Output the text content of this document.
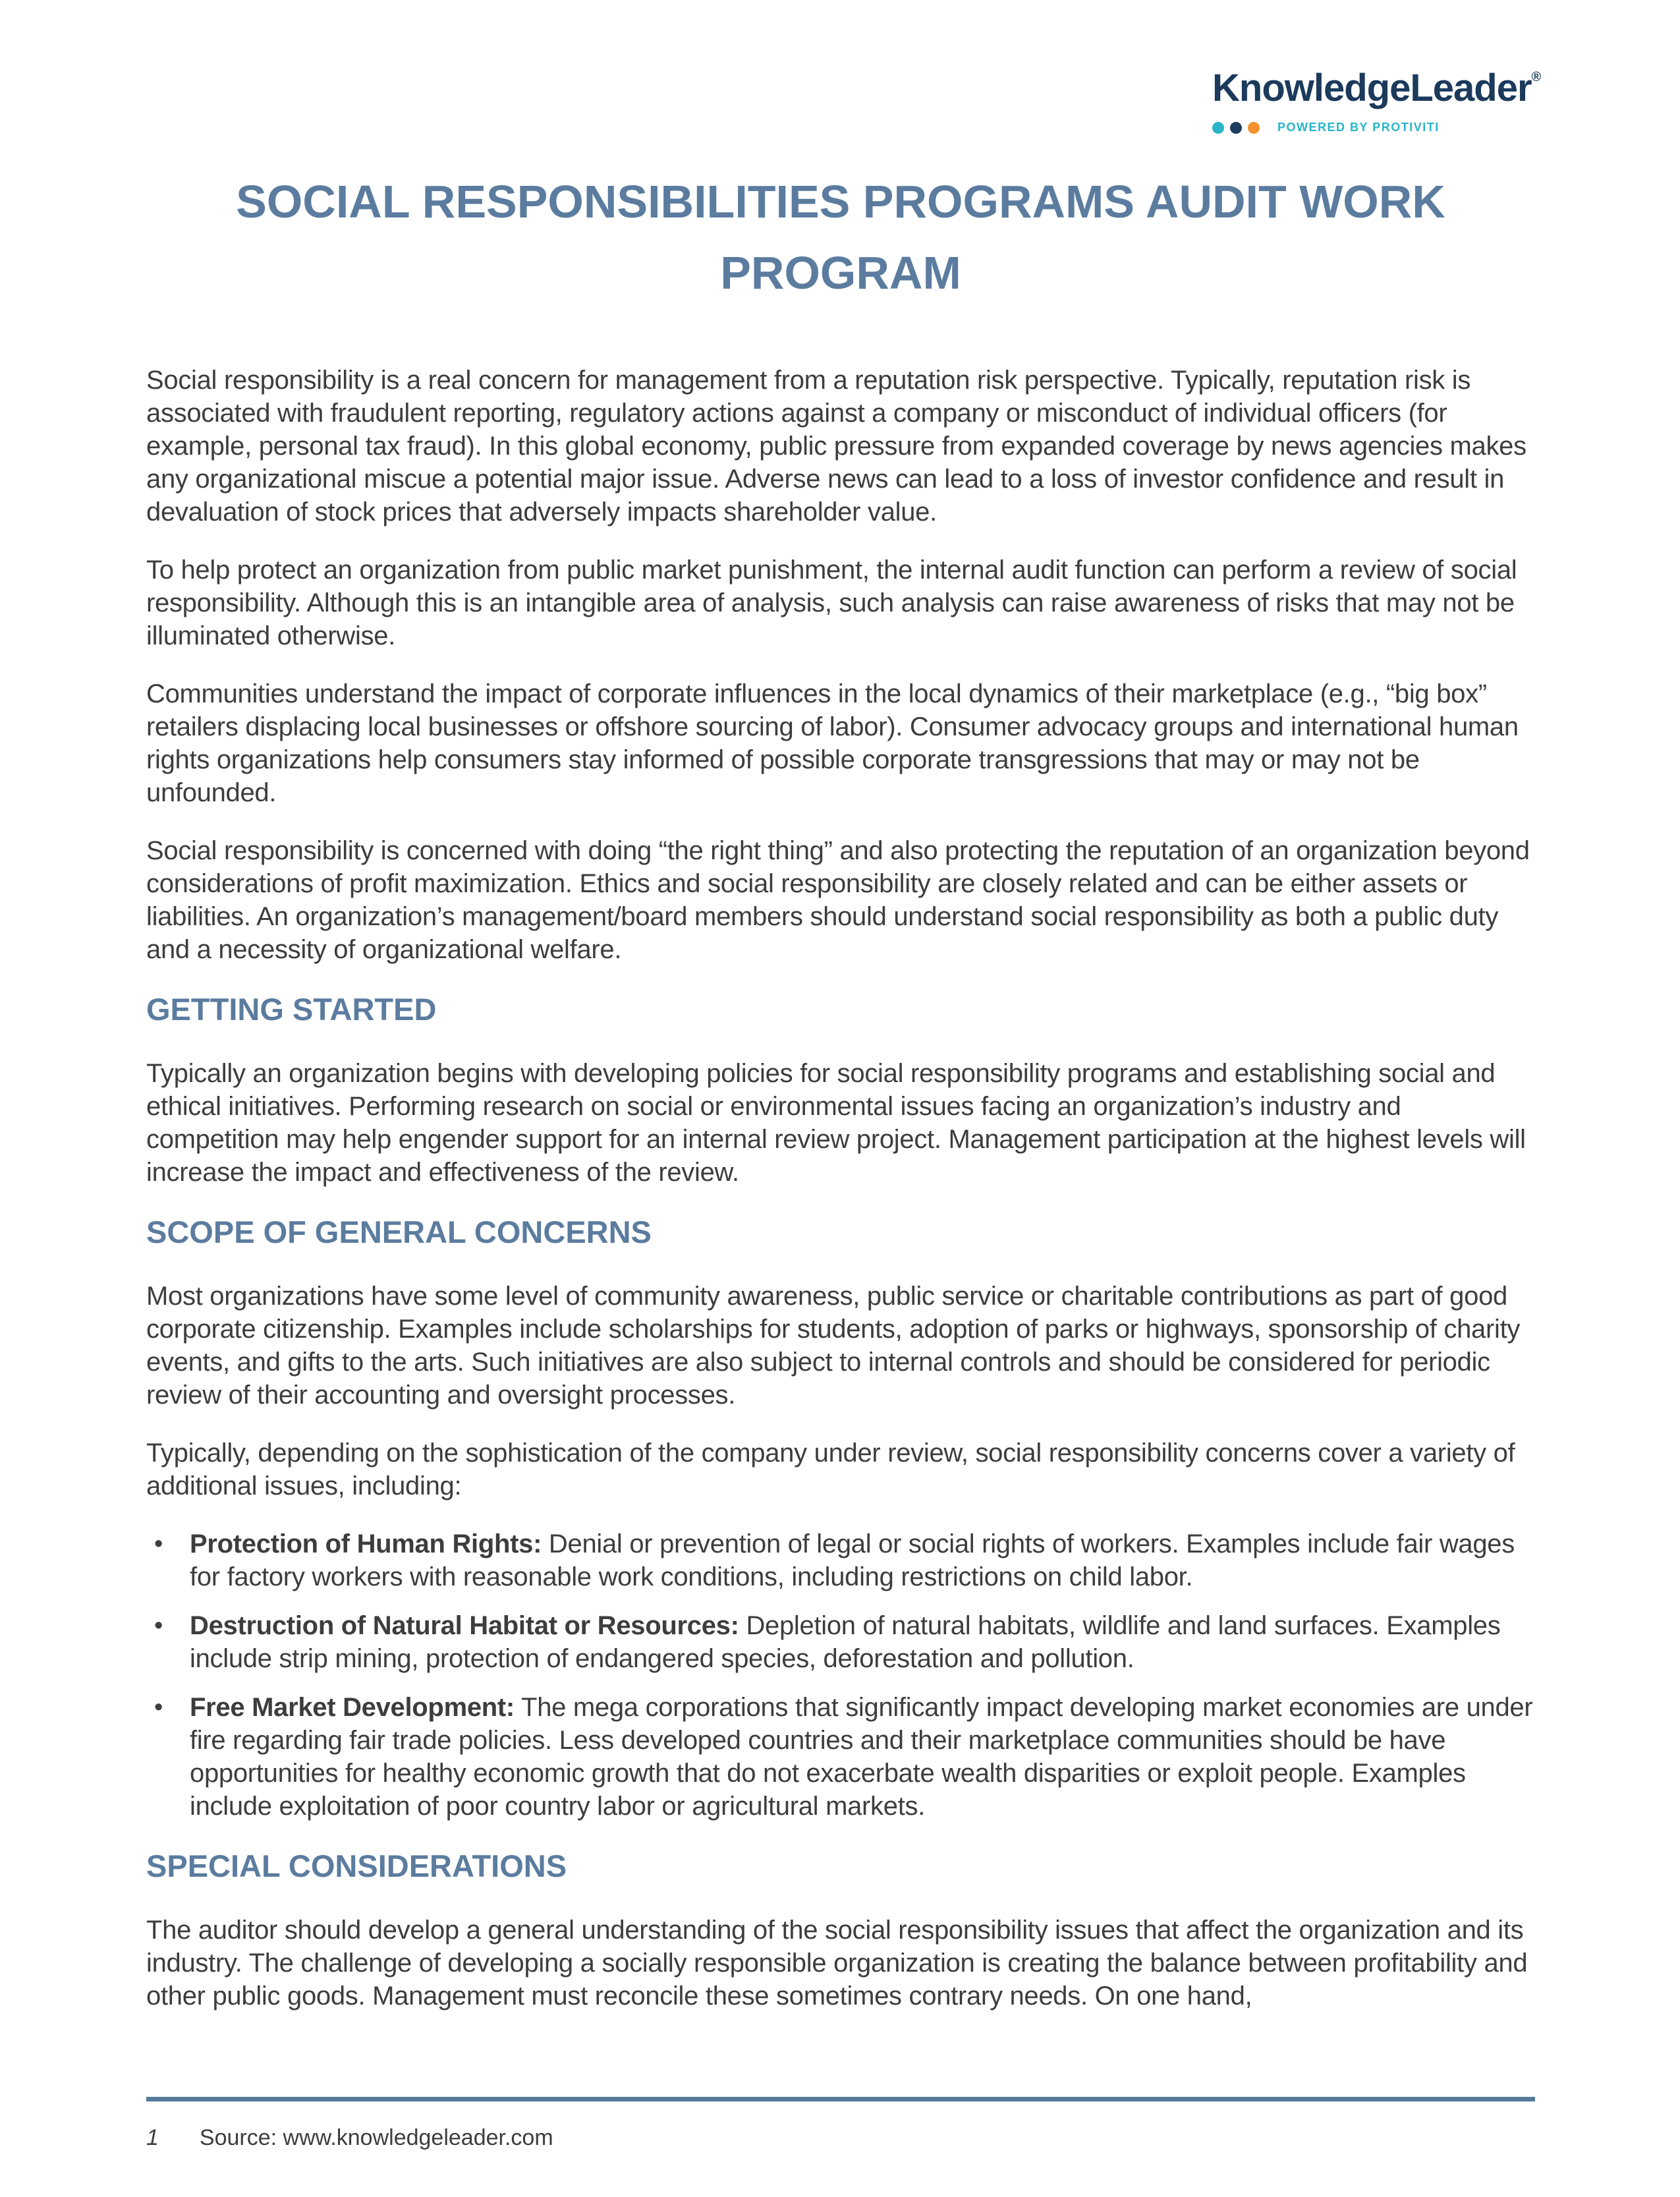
KnowledgeLeader®
POWERED BY PROTIVITI
SOCIAL RESPONSIBILITIES PROGRAMS AUDIT WORK PROGRAM

Social responsibility is a real concern for management from a reputation risk perspective. Typically, reputation risk is associated with fraudulent reporting, regulatory actions against a company or misconduct of individual officers (for example, personal tax fraud). In this global economy, public pressure from expanded coverage by news agencies makes any organizational miscue a potential major issue. Adverse news can lead to a loss of investor confidence and result in devaluation of stock prices that adversely impacts shareholder value.

To help protect an organization from public market punishment, the internal audit function can perform a review of social responsibility. Although this is an intangible area of analysis, such analysis can raise awareness of risks that may not be illuminated otherwise.

Communities understand the impact of corporate influences in the local dynamics of their marketplace (e.g., “big box” retailers displacing local businesses or offshore sourcing of labor). Consumer advocacy groups and international human rights organizations help consumers stay informed of possible corporate transgressions that may or may not be unfounded.

Social responsibility is concerned with doing “the right thing” and also protecting the reputation of an organization beyond considerations of profit maximization. Ethics and social responsibility are closely related and can be either assets or liabilities. An organization’s management/board members should understand social responsibility as both a public duty and a necessity of organizational welfare.

GETTING STARTED

Typically an organization begins with developing policies for social responsibility programs and establishing social and ethical initiatives. Performing research on social or environmental issues facing an organization’s industry and competition may help engender support for an internal review project. Management participation at the highest levels will increase the impact and effectiveness of the review.

SCOPE OF GENERAL CONCERNS

Most organizations have some level of community awareness, public service or charitable contributions as part of good corporate citizenship. Examples include scholarships for students, adoption of parks or highways, sponsorship of charity events, and gifts to the arts. Such initiatives are also subject to internal controls and should be considered for periodic review of their accounting and oversight processes.

Typically, depending on the sophistication of the company under review, social responsibility concerns cover a variety of additional issues, including:

• Protection of Human Rights: Denial or prevention of legal or social rights of workers. Examples include fair wages for factory workers with reasonable work conditions, including restrictions on child labor.
• Destruction of Natural Habitat or Resources: Depletion of natural habitats, wildlife and land surfaces. Examples include strip mining, protection of endangered species, deforestation and pollution.
• Free Market Development: The mega corporations that significantly impact developing market economies are under fire regarding fair trade policies. Less developed countries and their marketplace communities should be have opportunities for healthy economic growth that do not exacerbate wealth disparities or exploit people. Examples include exploitation of poor country labor or agricultural markets.
SPECIAL CONSIDERATIONS

The auditor should develop a general understanding of the social responsibility issues that affect the organization and its industry. The challenge of developing a socially responsible organization is creating the balance between profitability and other public goods. Management must reconcile these sometimes contrary needs. On one hand,

1 Source: www.knowledgeleader.com
